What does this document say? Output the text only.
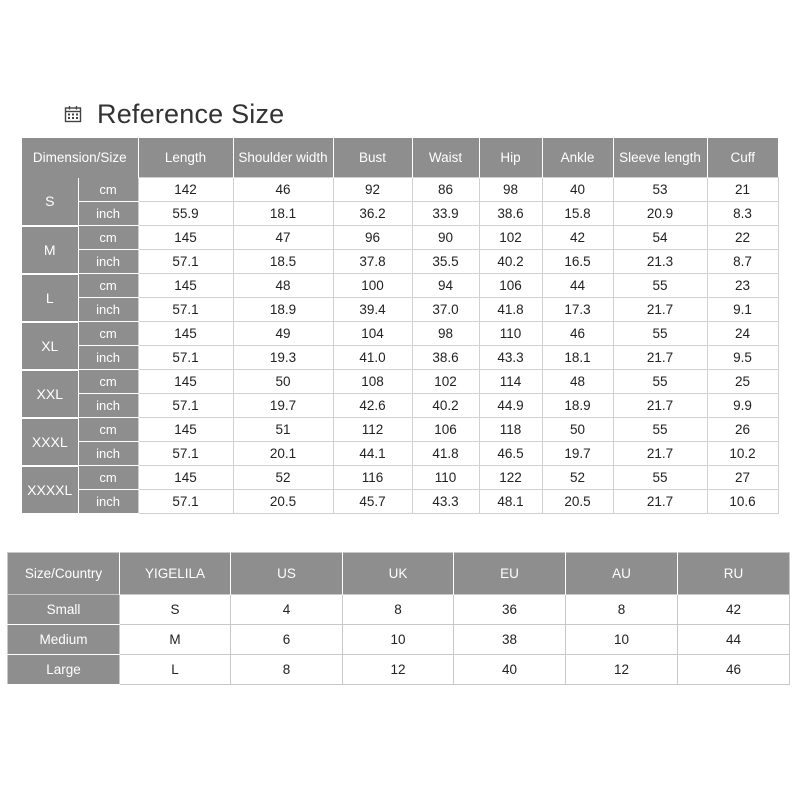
Reference Size
Dimension/Size		Length	Shoulder width	Bust	Waist	Hip	Ankle	Sleeve length	Cuff
S	cm	142	46	92	86	98	40	53	21
	inch	55.9	18.1	36.2	33.9	38.6	15.8	20.9	8.3
M	cm	145	47	96	90	102	42	54	22
	inch	57.1	18.5	37.8	35.5	40.2	16.5	21.3	8.7
L	cm	145	48	100	94	106	44	55	23
	inch	57.1	18.9	39.4	37.0	41.8	17.3	21.7	9.1
XL	cm	145	49	104	98	110	46	55	24
	inch	57.1	19.3	41.0	38.6	43.3	18.1	21.7	9.5
XXL	cm	145	50	108	102	114	48	55	25
	inch	57.1	19.7	42.6	40.2	44.9	18.9	21.7	9.9
XXXL	cm	145	51	112	106	118	50	55	26
	inch	57.1	20.1	44.1	41.8	46.5	19.7	21.7	10.2
XXXXL	cm	145	52	116	110	122	52	55	27
	inch	57.1	20.5	45.7	43.3	48.1	20.5	21.7	10.6
Size/Country	YIGELILA	US	UK	EU	AU	RU
Small	S	4	8	36	8	42
Medium	M	6	10	38	10	44
Large	L	8	12	40	12	46
